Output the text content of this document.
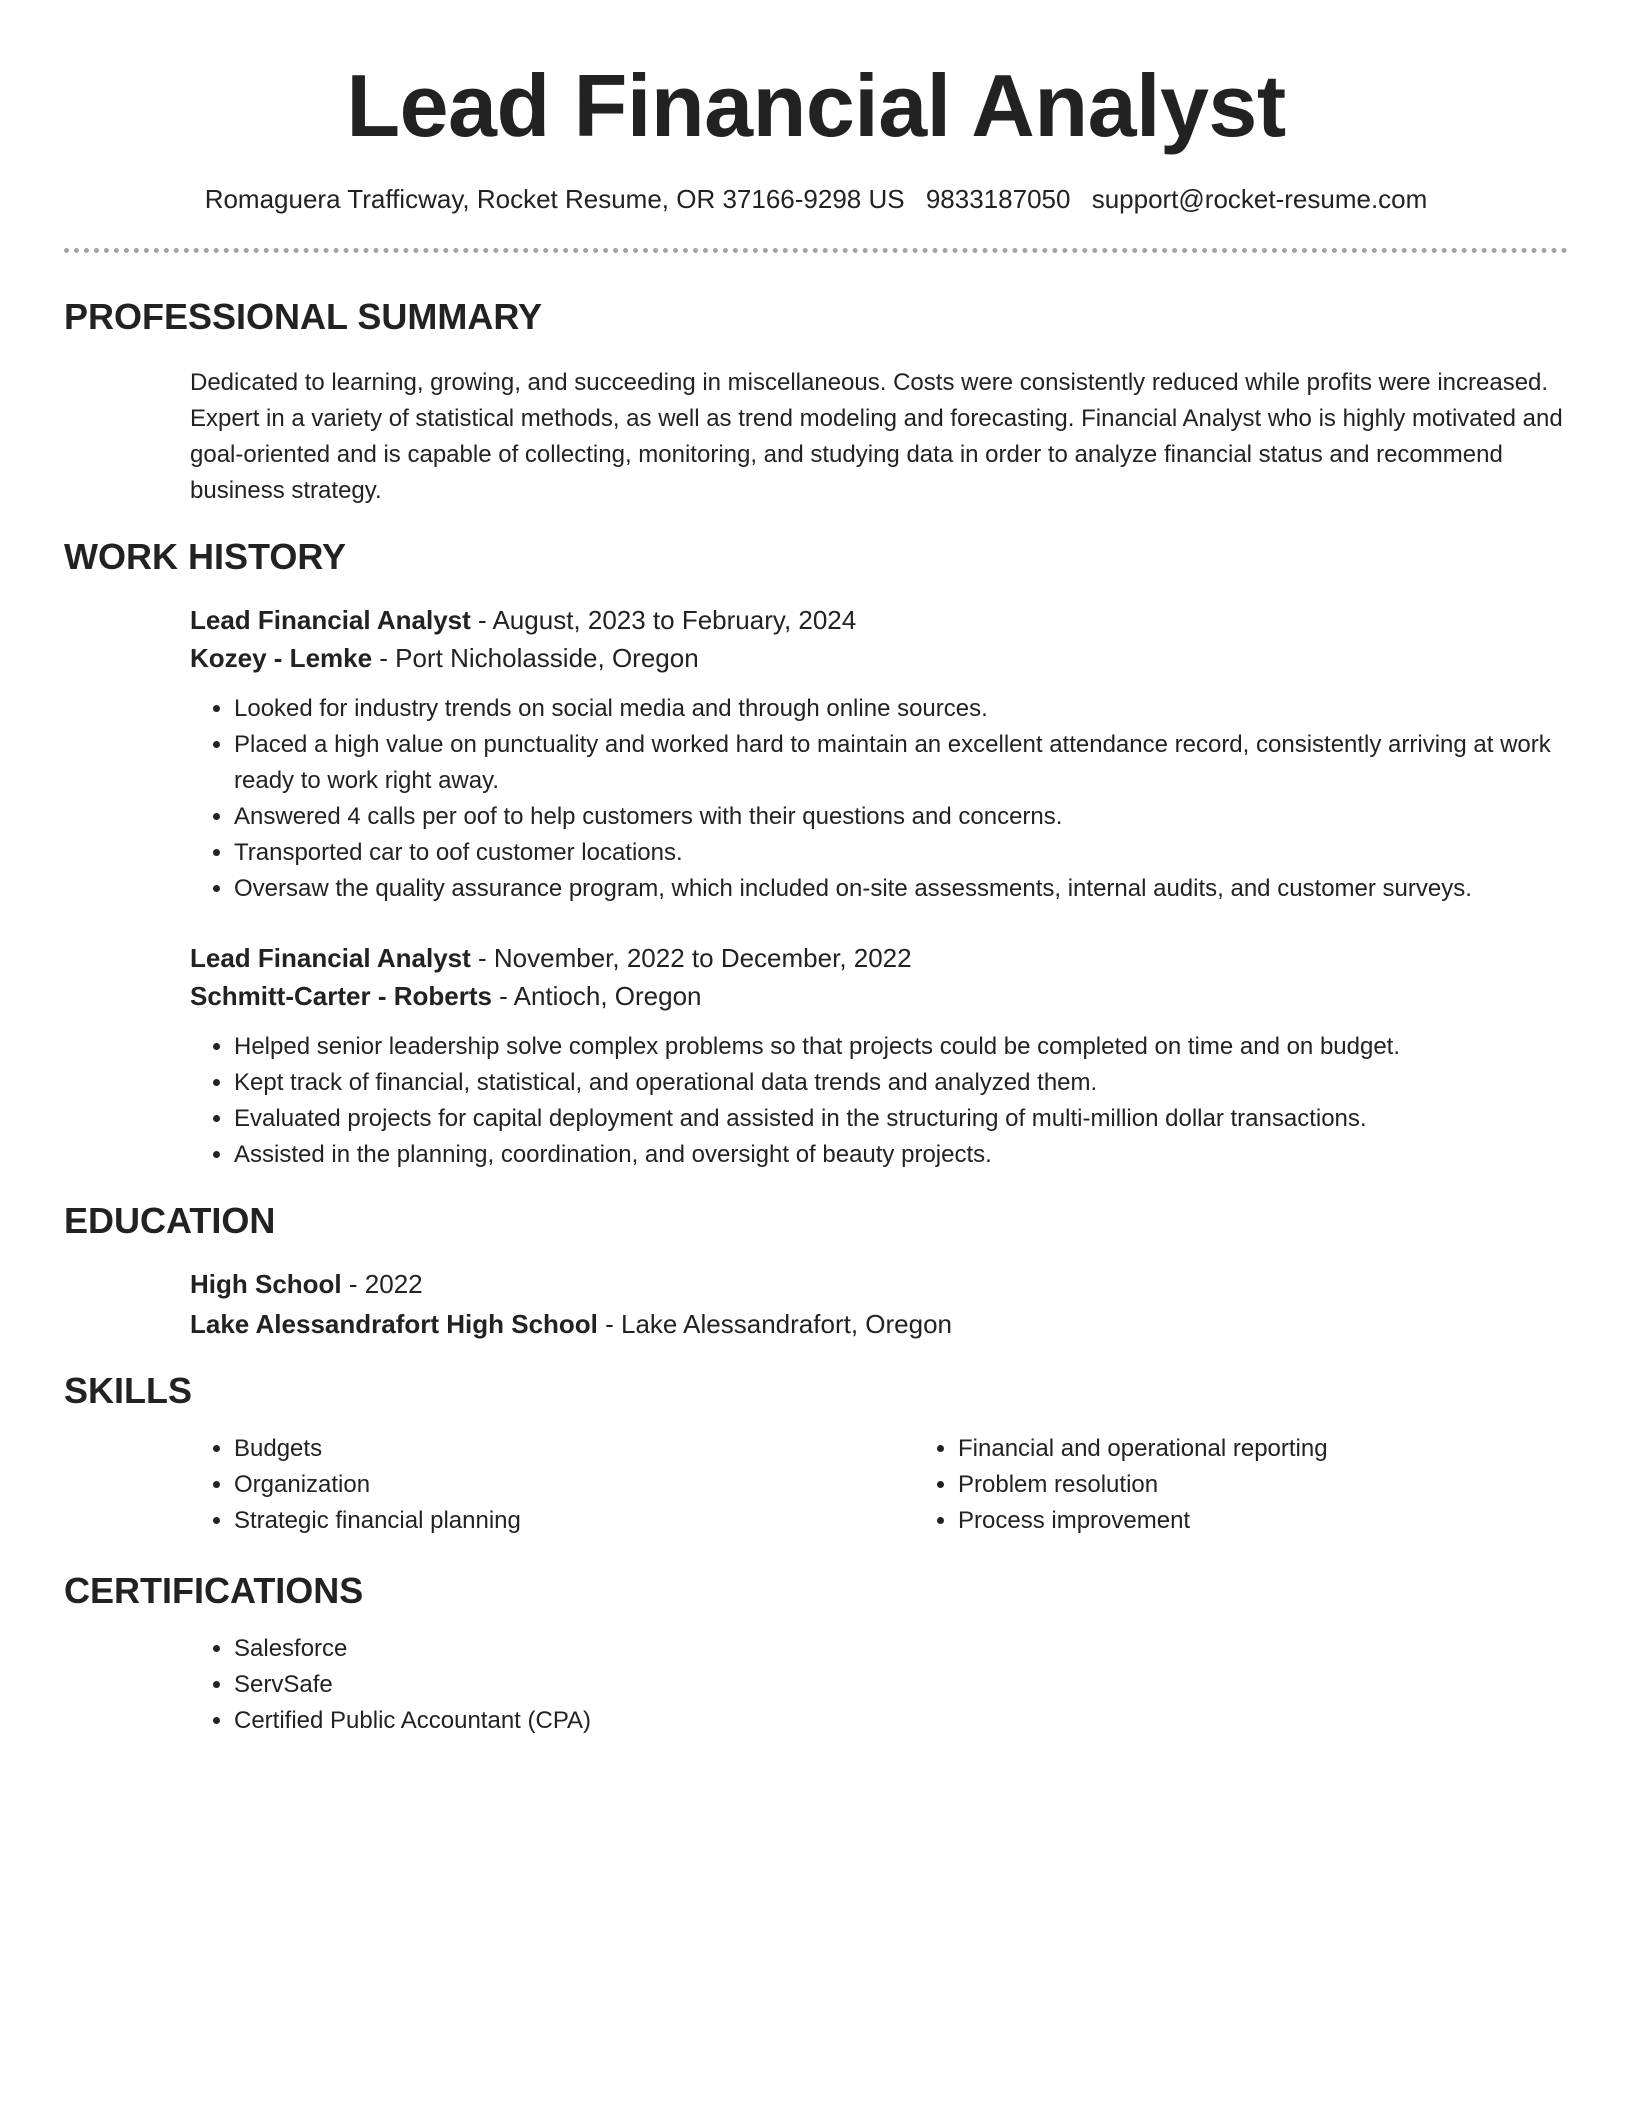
Lead Financial Analyst
Romaguera Trafficway, Rocket Resume, OR 37166-9298 US 9833187050 support@rocket-resume.com
PROFESSIONAL SUMMARY

Dedicated to learning, growing, and succeeding in miscellaneous. Costs were consistently reduced while profits were increased. Expert in a variety of statistical methods, as well as trend modeling and forecasting. Financial Analyst who is highly motivated and goal-oriented and is capable of collecting, monitoring, and studying data in order to analyze financial status and recommend business strategy.

WORK HISTORY
Lead Financial Analyst - August, 2023 to February, 2024
Kozey - Lemke - Port Nicholasside, Oregon
• Looked for industry trends on social media and through online sources.
• Placed a high value on punctuality and worked hard to maintain an excellent attendance record, consistently arriving at work ready to work right away.
• Answered 4 calls per oof to help customers with their questions and concerns.
• Transported car to oof customer locations.
• Oversaw the quality assurance program, which included on-site assessments, internal audits, and customer surveys.
Lead Financial Analyst - November, 2022 to December, 2022
Schmitt-Carter - Roberts - Antioch, Oregon
• Helped senior leadership solve complex problems so that projects could be completed on time and on budget.
• Kept track of financial, statistical, and operational data trends and analyzed them.
• Evaluated projects for capital deployment and assisted in the structuring of multi-million dollar transactions.
• Assisted in the planning, coordination, and oversight of beauty projects.
EDUCATION
High School - 2022
Lake Alessandrafort High School - Lake Alessandrafort, Oregon
SKILLS
• Budgets
• Organization
• Strategic financial planning
• Financial and operational reporting
• Problem resolution
• Process improvement
CERTIFICATIONS
• Salesforce
• ServSafe
• Certified Public Accountant (CPA)
